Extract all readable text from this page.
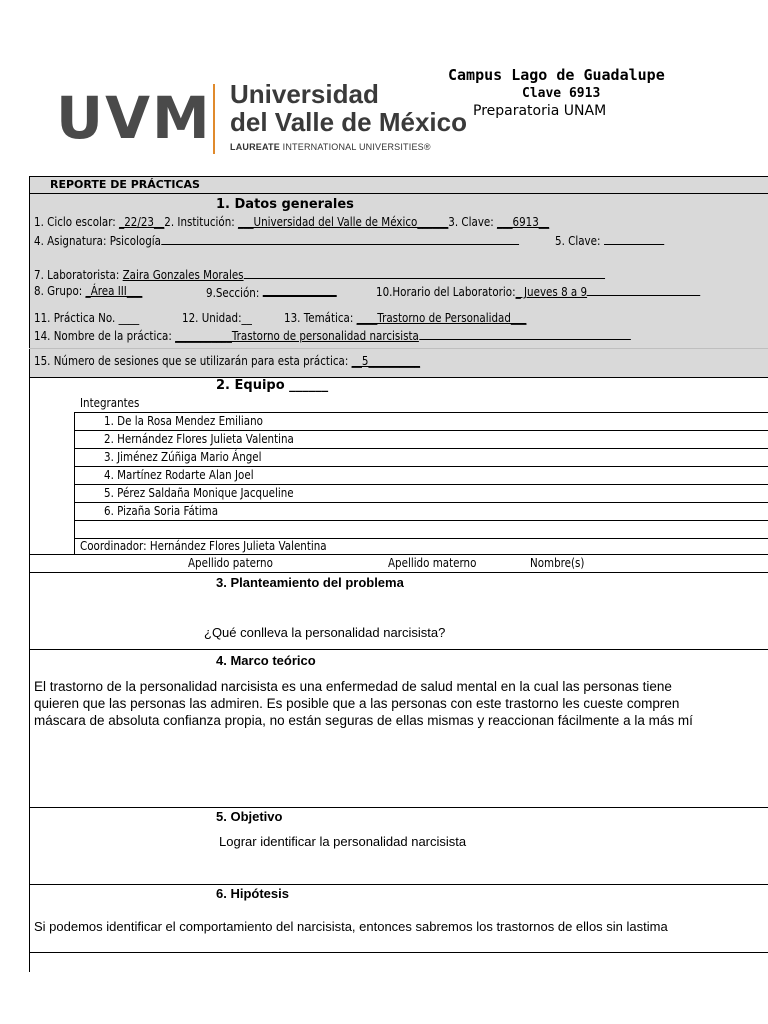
UVM Universidad
del Valle de México
LAUREATE INTERNATIONAL UNIVERSITIES®
Campus Lago de Guadalupe
Clave 6913
Preparatoria UNAM
REPORTE DE PRÁCTICAS
1. Datos generales
1. Ciclo escolar: _22/23__2. Institución: ___Universidad del Valle de México______3. Clave: ___6913__
4. Asignatura: Psicología	5. Clave:
7. Laboratorista: Zaira Gonzales Morales
8. Grupo: _Área III___	9.Sección:	10.Horario del Laboratorio:_ Jueves 8 a 9
11. Práctica No. ____	12. Unidad:__	13. Temática: ____Trastorno de Personalidad___
14. Nombre de la práctica: ___________Trastorno de personalidad narcisista
15. Número de sesiones que se utilizarán para esta práctica: __5__________
2. Equipo ______
Integrantes
1. De la Rosa Mendez Emiliano
2. Hernández Flores Julieta Valentina
3. Jiménez Zúñiga Mario Ángel
4. Martínez Rodarte Alan Joel
5. Pérez Saldaña Monique Jacqueline
6. Pizaña Soria Fátima
Coordinador: Hernández Flores Julieta Valentina
Apellido paterno	Apellido materno	Nombre(s)
3. Planteamiento del problema
¿Qué conlleva la personalidad narcisista?
4. Marco teórico
El trastorno de la personalidad narcisista es una enfermedad de salud mental en la cual las personas tiene
quieren que las personas las admiren. Es posible que a las personas con este trastorno les cueste compren
máscara de absoluta confianza propia, no están seguras de ellas mismas y reaccionan fácilmente a la más mí
5. Objetivo
Lograr identificar la personalidad narcisista
6. Hipótesis
Si podemos identificar el comportamiento del narcisista, entonces sabremos los trastornos de ellos sin lastima
